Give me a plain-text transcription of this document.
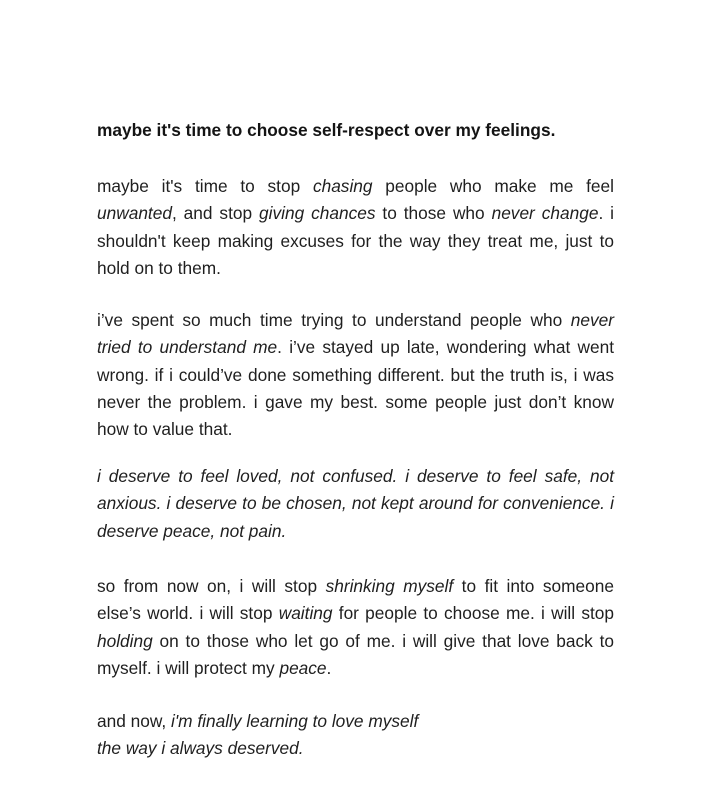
maybe it's time to choose self-respect over my feelings.

maybe it's time to stop chasing people who make me feel unwanted, and stop giving chances to those who never change. i shouldn't keep making excuses for the way they treat me, just to hold on to them.

i’ve spent so much time trying to understand people who never tried to understand me. i’ve stayed up late, wondering what went wrong. if i could’ve done something different. but the truth is, i was never the problem. i gave my best. some people just don’t know how to value that.

i deserve to feel loved, not confused. i deserve to feel safe, not anxious. i deserve to be chosen, not kept around for convenience. i deserve peace, not pain.

so from now on, i will stop shrinking myself to fit into someone else’s world. i will stop waiting for people to choose me. i will stop holding on to those who let go of me. i will give that love back to myself. i will protect my peace.

and now, i'm finally learning to love myself
the way i always deserved.
